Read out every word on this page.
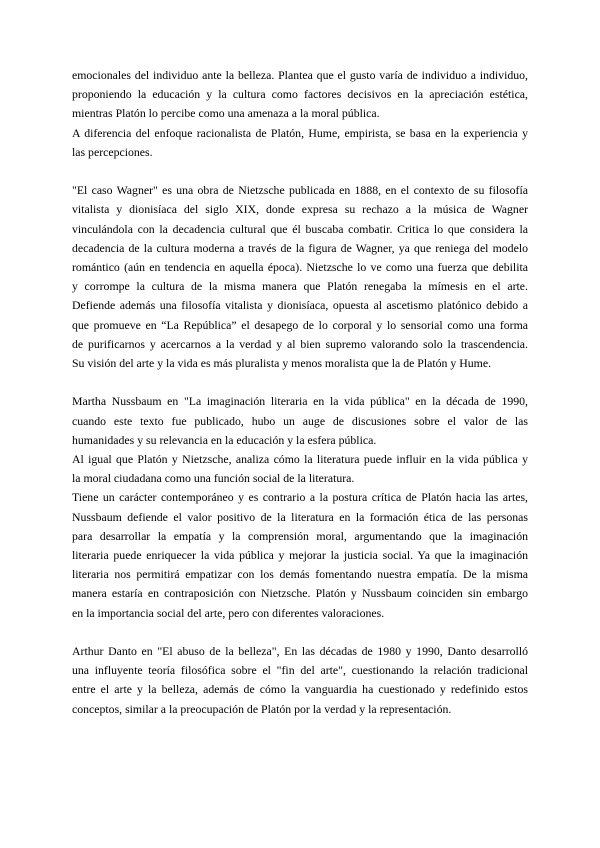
emocionales del individuo ante la belleza. Plantea que el gusto varía de individuo a individuo,
proponiendo la educación y la cultura como factores decisivos en la apreciación estética,
mientras Platón lo percibe como una amenaza a la moral pública.

A diferencia del enfoque racionalista de Platón, Hume, empirista, se basa en la experiencia y
las percepciones.

"El caso Wagner" es una obra de Nietzsche publicada en 1888, en el contexto de su filosofía
vitalista y dionisíaca del siglo XIX, donde expresa su rechazo a la música de Wagner
vinculándola con la decadencia cultural que él buscaba combatir. Critica lo que considera la
decadencia de la cultura moderna a través de la figura de Wagner, ya que reniega del modelo
romántico (aún en tendencia en aquella época). Nietzsche lo ve como una fuerza que debilita
y corrompe la cultura de la misma manera que Platón renegaba la mímesis en el arte.
Defiende además una filosofía vitalista y dionisíaca, opuesta al ascetismo platónico debido a
que promueve en “La República” el desapego de lo corporal y lo sensorial como una forma
de purificarnos y acercarnos a la verdad y al bien supremo valorando solo la trascendencia.
Su visión del arte y la vida es más pluralista y menos moralista que la de Platón y Hume.

Martha Nussbaum en "La imaginación literaria en la vida pública" en la década de 1990,
cuando este texto fue publicado, hubo un auge de discusiones sobre el valor de las
humanidades y su relevancia en la educación y la esfera pública.

Al igual que Platón y Nietzsche, analiza cómo la literatura puede influir en la vida pública y
la moral ciudadana como una función social de la literatura.

Tiene un carácter contemporáneo y es contrario a la postura crítica de Platón hacia las artes,
Nussbaum defiende el valor positivo de la literatura en la formación ética de las personas
para desarrollar la empatía y la comprensión moral, argumentando que la imaginación
literaria puede enriquecer la vida pública y mejorar la justicia social. Ya que la imaginación
literaria nos permitirá empatizar con los demás fomentando nuestra empatía. De la misma
manera estaría en contraposición con Nietzsche. Platón y Nussbaum coinciden sin embargo
en la importancia social del arte, pero con diferentes valoraciones.

Arthur Danto en "El abuso de la belleza", En las décadas de 1980 y 1990, Danto desarrolló
una influyente teoría filosófica sobre el "fin del arte", cuestionando la relación tradicional
entre el arte y la belleza, además de cómo la vanguardia ha cuestionado y redefinido estos
conceptos, similar a la preocupación de Platón por la verdad y la representación.
